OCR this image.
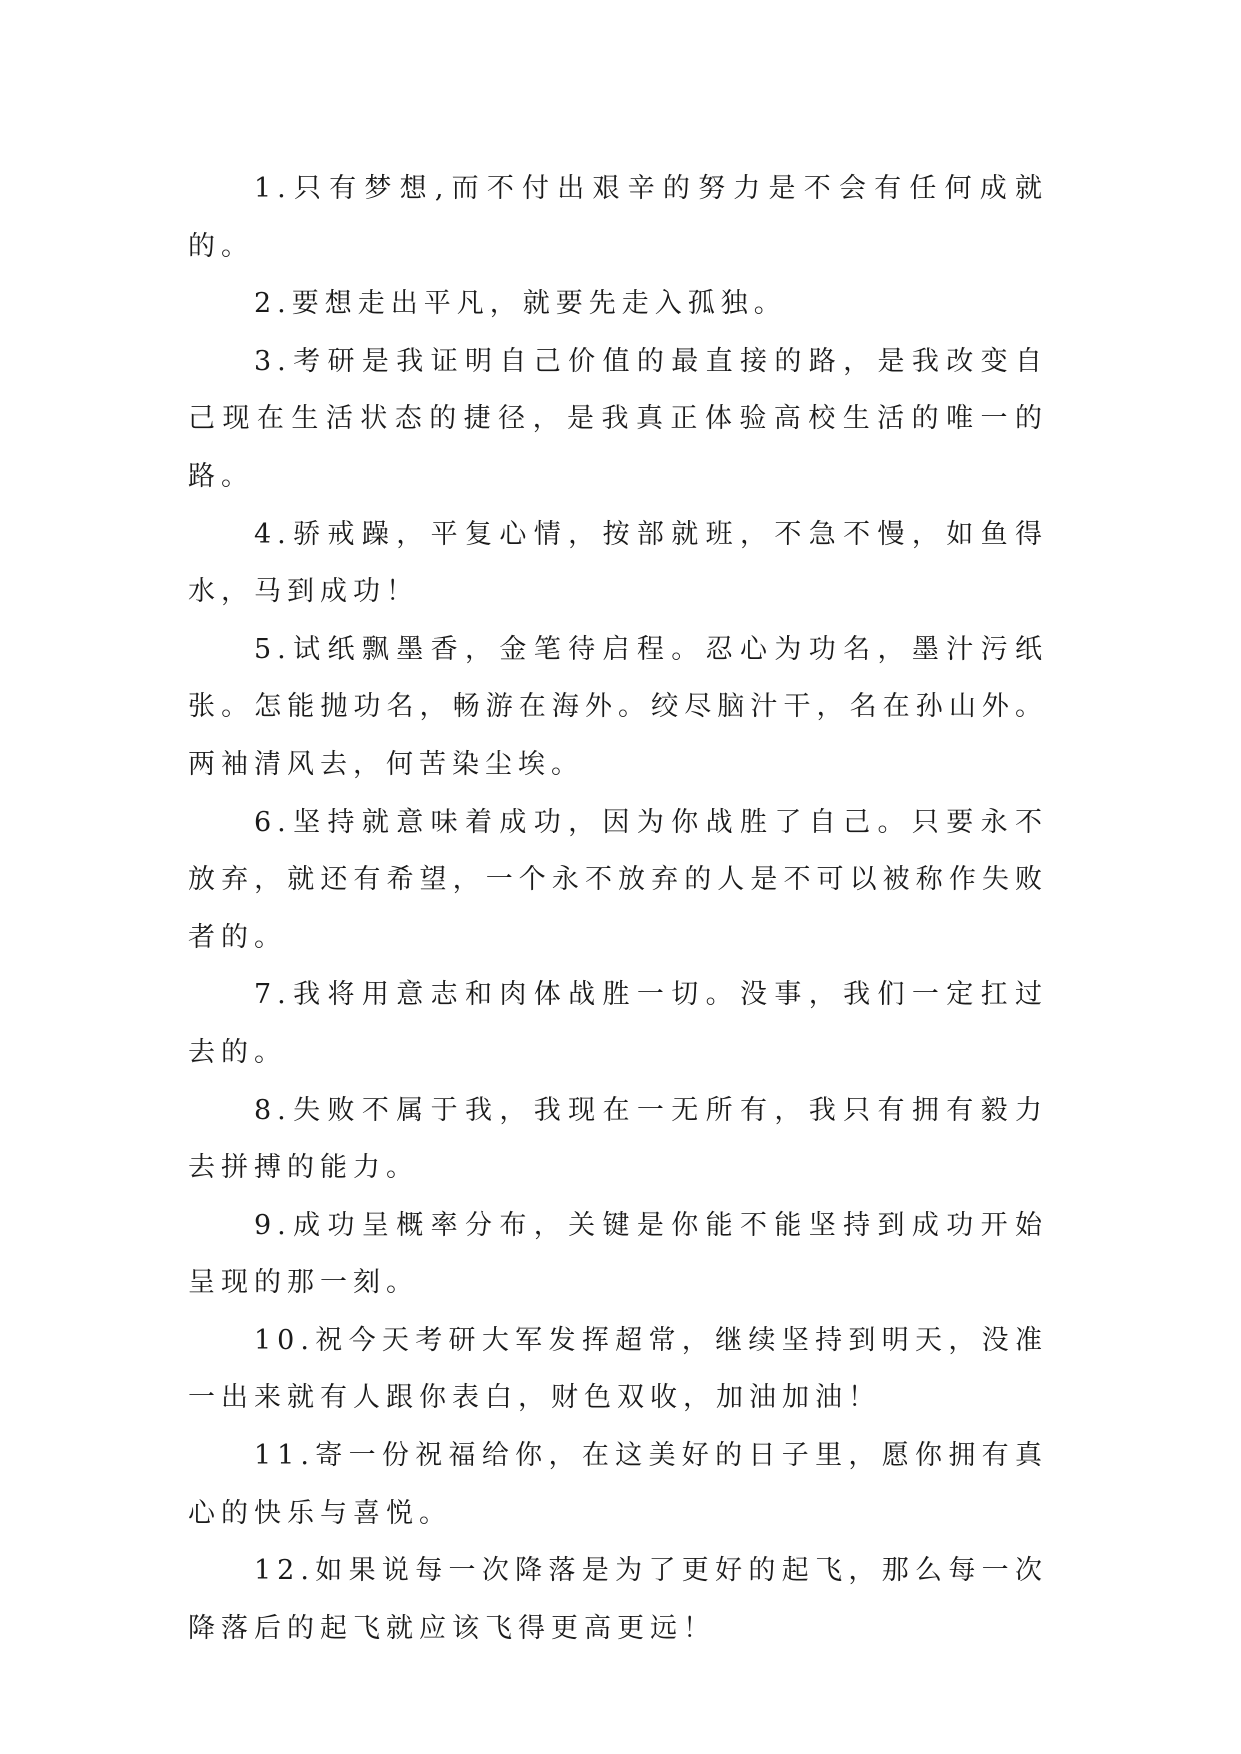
1.只有梦想,而不付出艰辛的努力是不会有任何成就的。

2.要想走出平凡，就要先走入孤独。

3.考研是我证明自己价值的最直接的路，是我改变自己现在生活状态的捷径，是我真正体验高校生活的唯一的路。

4.骄戒躁，平复心情，按部就班，不急不慢，如鱼得水，马到成功！

5.试纸飘墨香，金笔待启程。忍心为功名，墨汁污纸张。怎能抛功名，畅游在海外。绞尽脑汁干，名在孙山外。两袖清风去，何苦染尘埃。

6.坚持就意味着成功，因为你战胜了自己。只要永不放弃，就还有希望，一个永不放弃的人是不可以被称作失败者的。

7.我将用意志和肉体战胜一切。没事，我们一定扛过去的。

8.失败不属于我，我现在一无所有，我只有拥有毅力去拼搏的能力。

9.成功呈概率分布，关键是你能不能坚持到成功开始呈现的那一刻。

10.祝今天考研大军发挥超常，继续坚持到明天，没准一出来就有人跟你表白，财色双收，加油加油！

11.寄一份祝福给你，在这美好的日子里，愿你拥有真心的快乐与喜悦。

12.如果说每一次降落是为了更好的起飞，那么每一次降落后的起飞就应该飞得更高更远！
